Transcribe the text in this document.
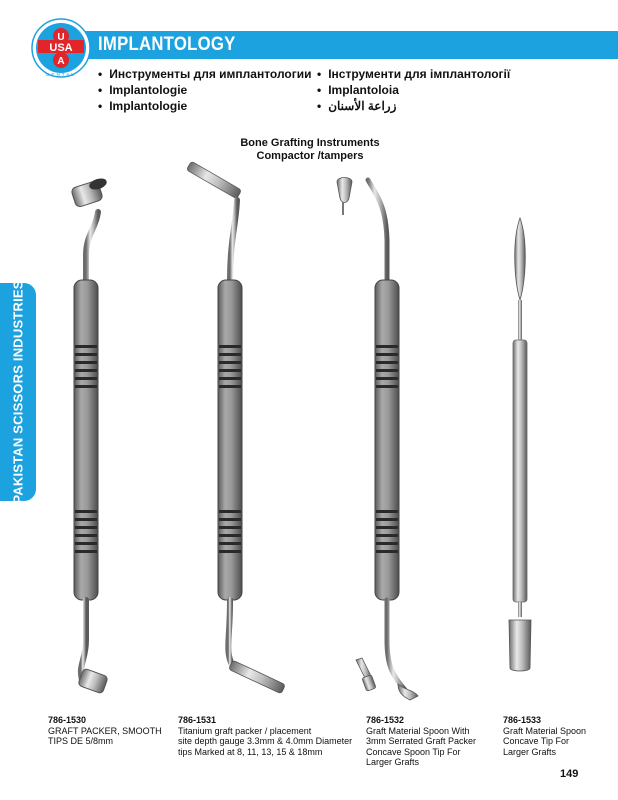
IMPLANTOLOGY
U
USA
A
DENTAL
PAKISTAN SCISSORS INDUSTRIES
• Инструменты для имплантологии
• Implantologie
• Implantologie
• Інструменти для імплантології
• Implantoloia
• زراعة الأسنان
Bone Grafting Instruments
Compactor /tampers
786-1530
GRAFT PACKER, SMOOTH
TIPS DE 5/8mm
786-1531
Titanium graft packer / placement
site depth gauge 3.3mm & 4.0mm Diameter
tips Marked at 8, 11, 13, 15 & 18mm
786-1532
Graft Material Spoon With
3mm Serrated Graft Packer
Concave Spoon Tip For
Larger Grafts
786-1533
Graft Material Spoon
Concave Tip For
Larger Grafts
149
